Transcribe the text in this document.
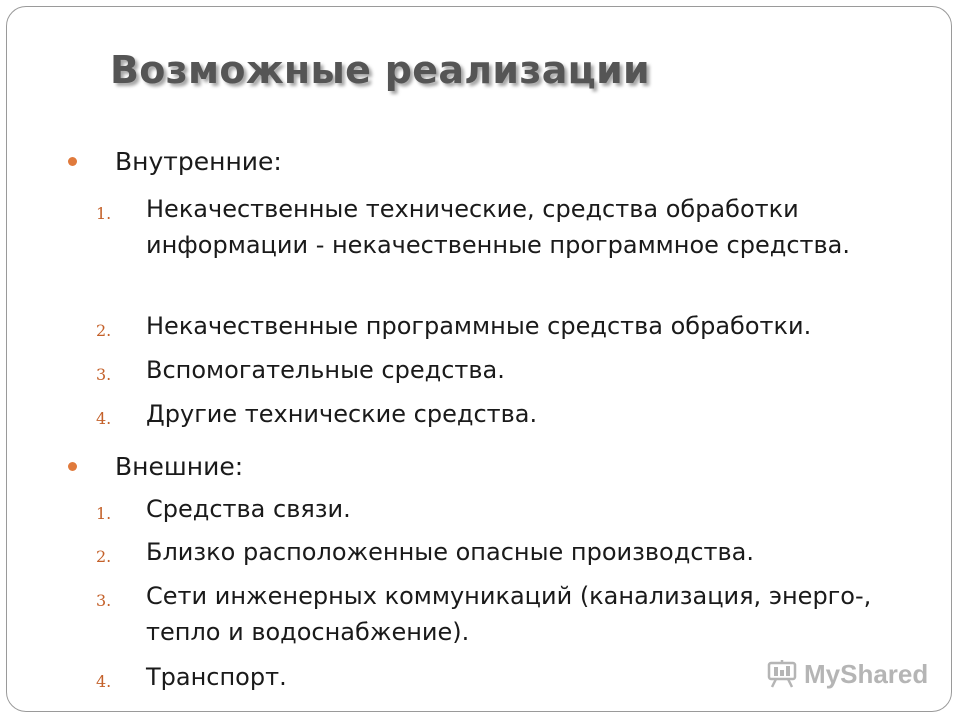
Возможные реализации
Внутренние:
1. Некачественные технические, средства обработки информации - некачественные программное средства.
2. Некачественные программные средства обработки.
3. Вспомогательные средства.
4. Другие технические средства.
Внешние:
1. Средства связи.
2. Близко расположенные опасные производства.
3. Сети инженерных коммуникаций (канализация, энерго-, тепло и водоснабжение).
4. Транспорт.	MyShared
